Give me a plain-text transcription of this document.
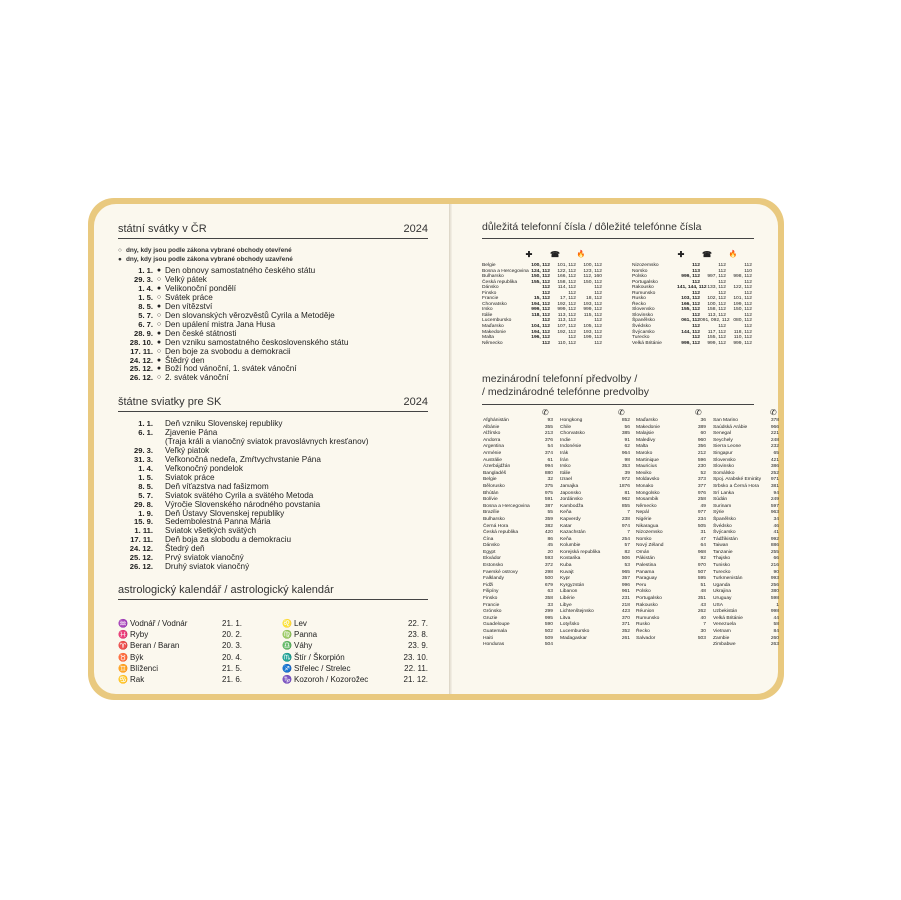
státní svátky v ČR	2024
○ dny, kdy jsou podle zákona vybrané obchody otevřené
● dny, kdy jsou podle zákona vybrané obchody uzavřené
1. 1. ● Den obnovy samostatného českého státu
29. 3. ○ Velký pátek
1. 4. ● Velikonoční pondělí
1. 5. ○ Svátek práce
8. 5. ● Den vítězství
5. 7. ○ Den slovanských věrozvěstů Cyrila a Metoděje
6. 7. ○ Den upálení mistra Jana Husa
28. 9. ● Den české státnosti
28. 10. ● Den vzniku samostatného československého státu
17. 11. ○ Den boje za svobodu a demokracii
24. 12. ● Štědrý den
25. 12. ● Boží hod vánoční, 1. svátek vánoční
26. 12. ○ 2. svátek vánoční
štátne sviatky pre SK	2024
1. 1.	Deň vzniku Slovenskej republiky
6. 1.	Zjavenie Pána
(Traja králi a vianočný sviatok pravoslávnych kresťanov)
29. 3.	Veľký piatok
31. 3.	Veľkonočná nedeľa, Zmŕtvychvstanie Pána
1. 4.	Veľkonočný pondelok
1. 5.	Sviatok práce
8. 5.	Deň víťazstva nad fašizmom
5. 7.	Sviatok svätého Cyrila a svätého Metoda
29. 8.	Výročie Slovenského národného povstania
1. 9.	Deň Ústavy Slovenskej republiky
15. 9.	Sedembolestná Panna Mária
1. 11.	Sviatok všetkých svätých
17. 11.	Deň boja za slobodu a demokraciu
24. 12.	Štedrý deň
25. 12.	Prvý sviatok vianočný
26. 12.	Druhý sviatok vianočný
astrologický kalendář / astrologický kalendár
♒ Vodnář / Vodnár	21. 1.	♌ Lev	22. 7.
♓ Ryby	20. 2.	♍ Panna	23. 8.
♈ Beran / Baran	20. 3.	♎ Váhy	23. 9.
♉ Býk	20. 4.	♏ Štír / Škorpión	23. 10.
♊ Blíženci	21. 5.	♐ Střelec / Strelec	22. 11.
♋ Rak	21. 6.	♑ Kozoroh / Kozorožec	21. 12.
důležitá telefonní čísla / dôležité telefónne čísla
✚	☎	🔥	✚	☎	🔥
Belgie	100, 112	101, 112	100, 112
Bosna a Hercegovina 124, 112	122, 112	123, 112
Bulharsko	150, 112	166, 112	112, 160
Česká republika	155, 112	158, 112	150, 112
Dánsko	112	114, 112	112
Finsko	112	112	112
Francie	15, 112	17, 112	18, 112
Chorvatsko	194, 112	192, 112	193, 112
Irsko	999, 112	999, 112	999, 112
Itálie	118, 112	113, 112	115, 112
Lucembursko	112	113, 112	112
Maďarsko	104, 112	107, 112	105, 112
Makedonie	194, 112	192, 112	193, 112
Malta	196, 112	112	199, 112
Německo	112	110, 112	112
Nizozemsko	112	112	112
Norsko	113	112	110
Polsko	999, 112	997, 112	998, 112
Portugalsko	112	112	112
Rakousko	141, 144, 112 133, 112	122, 112
Rumunsko	112	112	112
Rusko	103, 112	102, 112	101, 112
Řecko	166, 112	100, 112	199, 112
Slovensko	155, 112	158, 112	150, 112
Slovinsko	112	113, 112	112
Španělsko	061, 112 091, 092, 112 080, 112
Švédsko	112	112	112
Švýcarsko	144, 112	117, 112	118, 112
Turecko	112	155, 112	110, 112
Velká Británie	999, 112	999, 112	999, 112
mezinárodní telefonní předvolby /
/ medzinárodné telefónne predvolby
✆	✆	✆	✆
Afghánistán	93
Albánie	355
Alžírsko	213
Andorra	376
Argentina	54
Arménie	374
Austrálie	61
Ázerbájdžán	994
Bangladéš	880
Belgie	32
Bělorusko	375
Bhútán	975
Bolívie	591
Bosna a Hercegovina	387
Brazílie	55
Bulharsko	359
Černá Hora	382
Česká republika	420
Čína	86
Dánsko	45
Egypt	20
Ekvádor	593
Estonsko	372
Faerské ostrovy	298
Falklandy	500
Fidži	679
Filipíny	63
Finsko	358
Francie	33
Grónsko	299
Gruzie	995
Guadeloupe	590
Guatemala	502
Haiti	509
Honduras	504
Hongkong	852
Chile	56
Chorvatsko	385
Indie	91
Indonésie	62
Irák	964
Írán	98
Irsko	353
Itálie	39
Izrael	972
Jamajka	1876
Japonsko	81
Jordánsko	962
Kambodža	855
Keňa	7
Kapverdy	238
Katar	974
Kazachstán	7
Keňa	254
Kolumbie	57
Korejská republika	82
Kostarika	506
Kuba	53
Kuvajt	965
Kypr	357
Kyrgyzstán	996
Libanon	961
Libérie	231
Libye	218
Lichtenštejnsko	423
Litva	370
Lotyšsko	371
Lucembursko	352
Madagaskar	261
Maďarsko	36
Makedonie	389
Malajsie	60
Maledivy	960
Malta	356
Maroko	212
Martinique	596
Mauricius	230
Mexiko	52
Moldavsko	373
Monako	377
Mongolsko	976
Mosambik	258
Německo	49
Nepál	977
Nigérie	234
Nikaragua	505
Nizozemsko	31
Norsko	47
Nový Zéland	64
Omán	968
Pákistán	92
Palestina	970
Panama	507
Paraguay	595
Peru	51
Polsko	48
Portugalsko	351
Rakousko	43
Réunion	262
Rumunsko	40
Rusko	7
Řecko	30
Salvador	503
San Marino	378
Saúdská Arábie	966
Senegal	221
Seychely	248
Sierra Leone	232
Singapur	65
Slovensko	421
Slovinsko	386
Somálsko	252
Spoj. Arabské Emiráty	971
Srbsko a Černá Hora	381
Srí Lanka	94
Súdán	249
Surinam	597
Sýrie	963
Španělsko	34
Švédsko	46
Švýcarsko	41
Tádžikistán	992
Taiwan	886
Tanzanie	255
Thajsko	66
Tunisko	216
Turecko	90
Turkmenistán	993
Uganda	256
Ukrajina	380
Uruguay	598
USA	1
Uzbekistán	998
Velká Británie	44
Venezuela	58
Vietnam	84
Zambie	260
Zimbabwe	263
